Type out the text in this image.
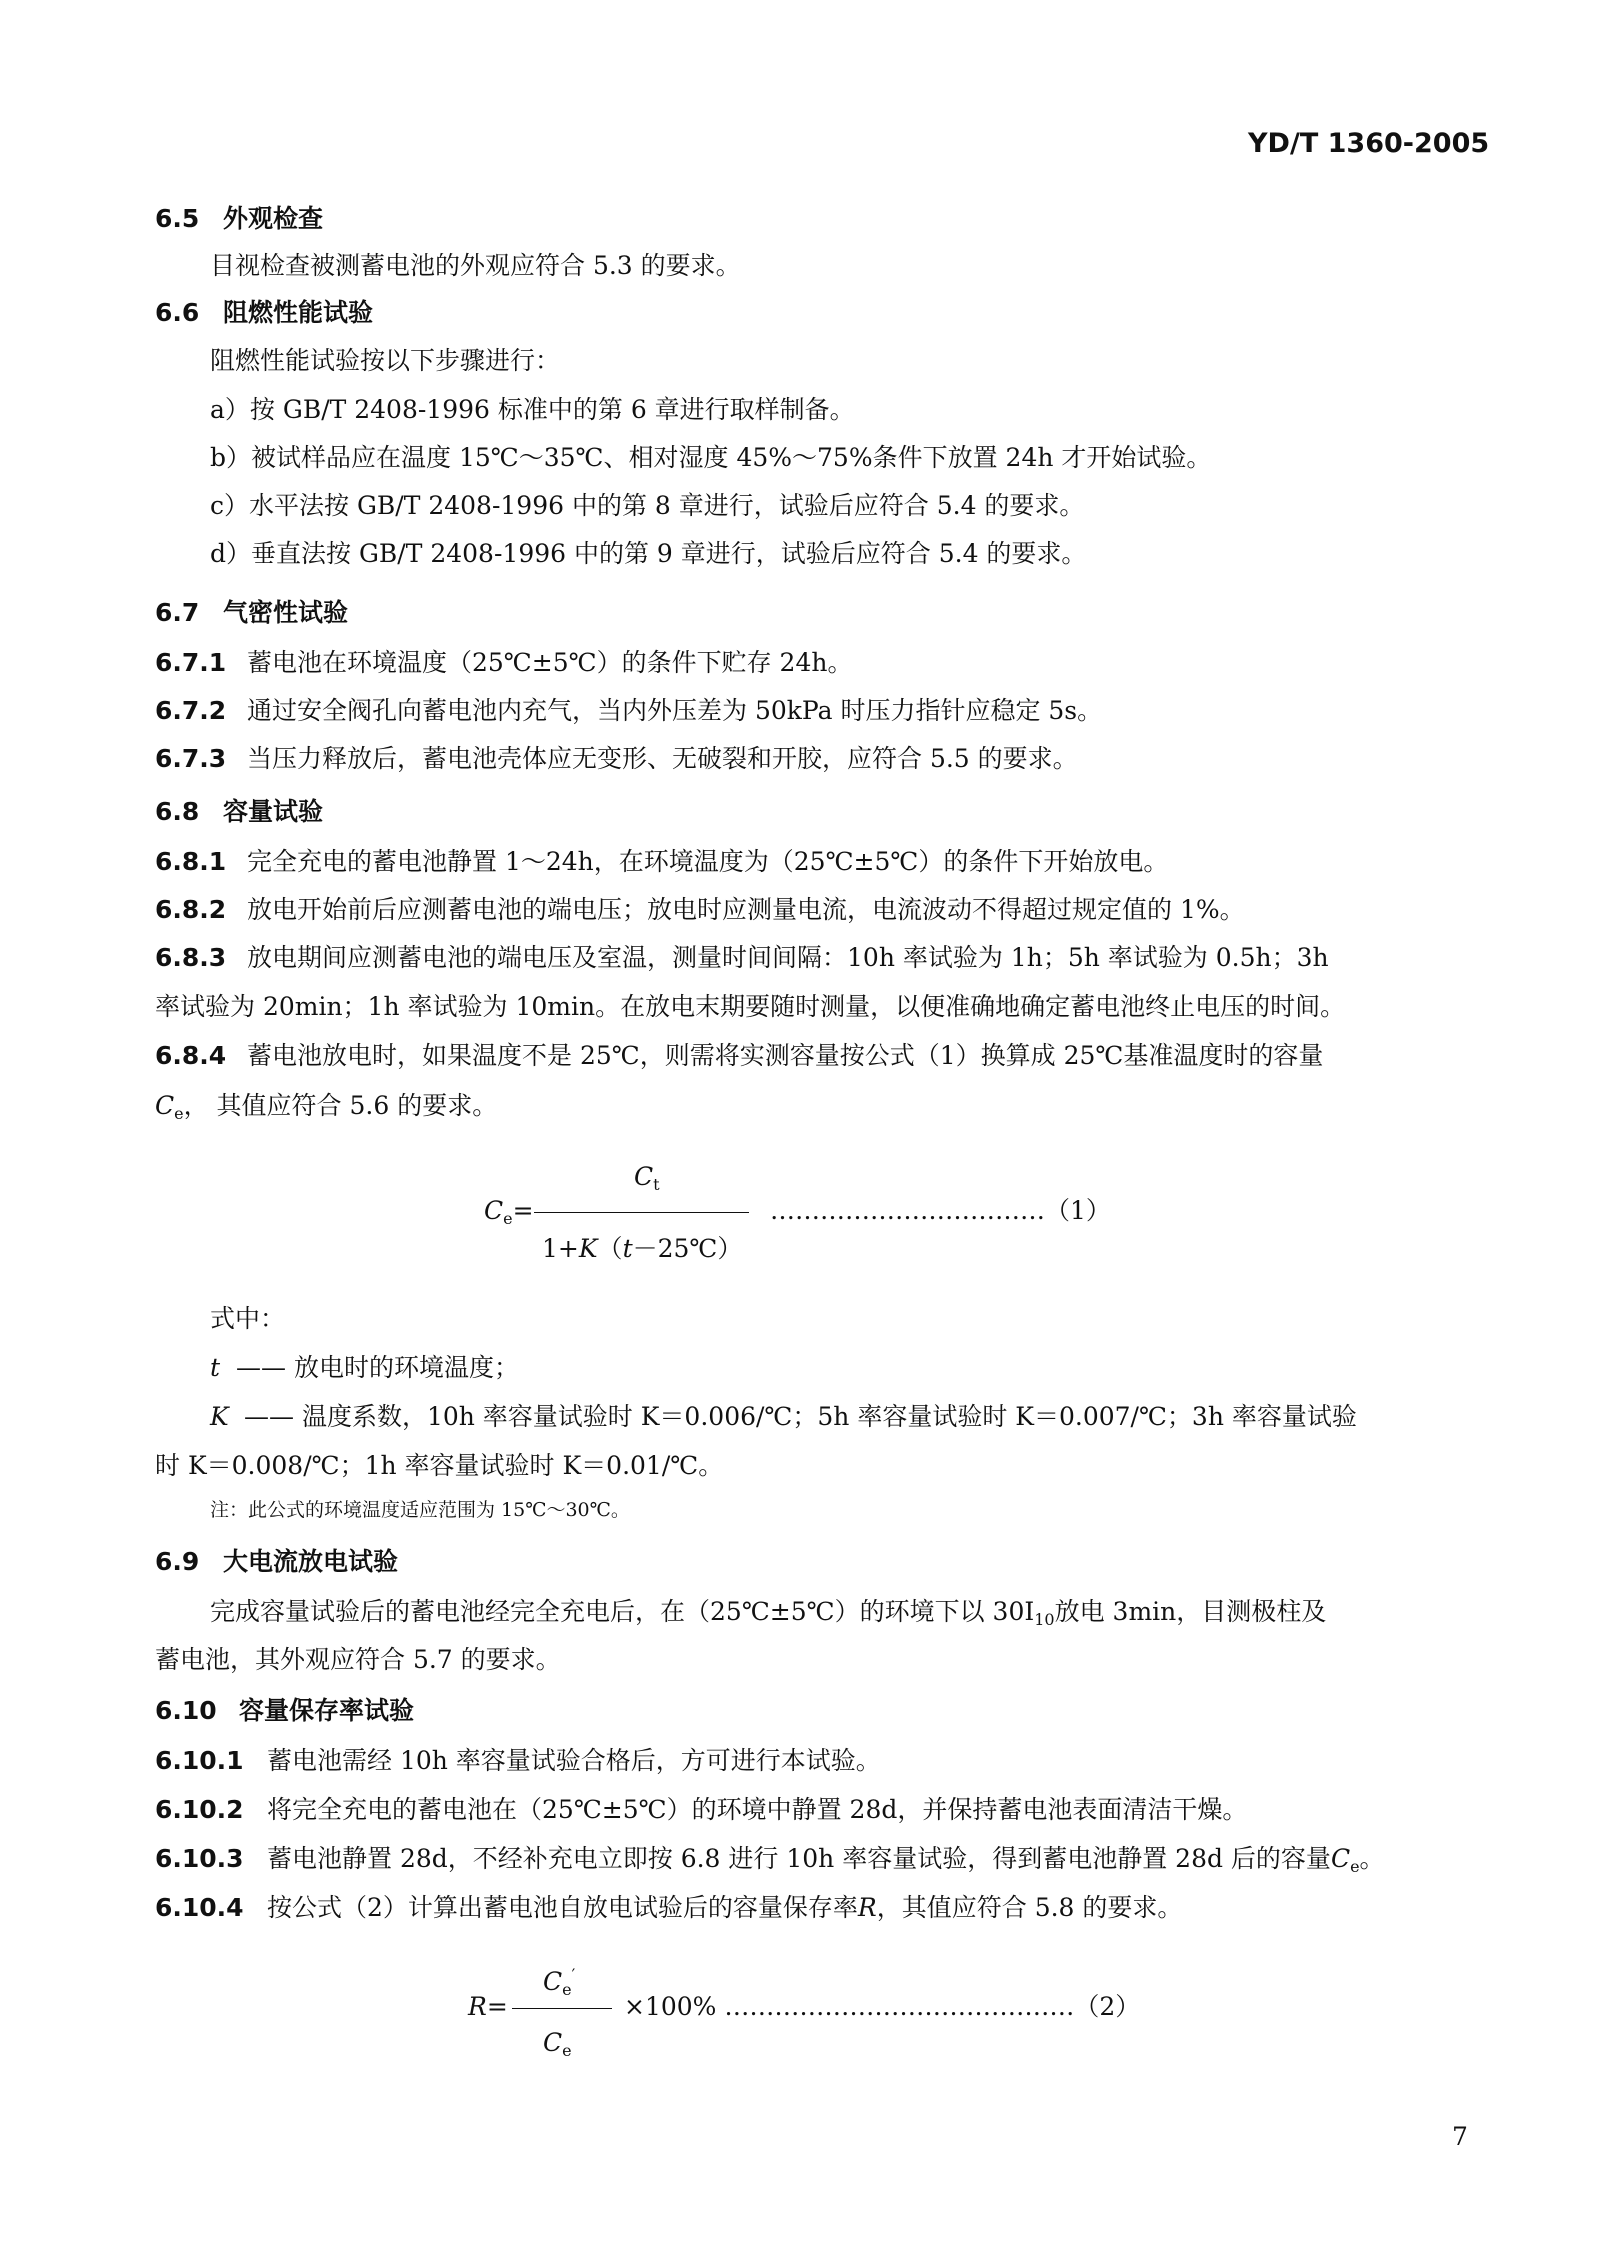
YD/T 1360-2005
6.5 外观检查
目视检查被测蓄电池的外观应符合 5.3 的要求。
6.6 阻燃性能试验
阻燃性能试验按以下步骤进行：
a）按 GB/T 2408-1996 标准中的第 6 章进行取样制备。
b）被试样品应在温度 15℃～35℃、相对湿度 45%～75%条件下放置 24h 才开始试验。
c）水平法按 GB/T 2408-1996 中的第 8 章进行，试验后应符合 5.4 的要求。
d）垂直法按 GB/T 2408-1996 中的第 9 章进行，试验后应符合 5.4 的要求。
6.7 气密性试验
6.7.1 蓄电池在环境温度（25℃±5℃）的条件下贮存 24h。
6.7.2 通过安全阀孔向蓄电池内充气，当内外压差为 50kPa 时压力指针应稳定 5s。
6.7.3 当压力释放后，蓄电池壳体应无变形、无破裂和开胶，应符合 5.5 的要求。
6.8 容量试验
6.8.1 完全充电的蓄电池静置 1～24h，在环境温度为（25℃±5℃）的条件下开始放电。
6.8.2 放电开始前后应测蓄电池的端电压；放电时应测量电流，电流波动不得超过规定值的 1%。
6.8.3 放电期间应测蓄电池的端电压及室温，测量时间间隔：10h 率试验为 1h；5h 率试验为 0.5h；3h
率试验为 20min；1h 率试验为 10min。在放电末期要随时测量，以便准确地确定蓄电池终止电压的时间。
6.8.4 蓄电池放电时，如果温度不是 25℃，则需将实测容量按公式（1）换算成 25℃基准温度时的容量
$C_e$， 其值应符合 5.6 的要求。
$C_t$
$C_e=$
1+K（t－25℃）
……………………………（1）
式中：
t —— 放电时的环境温度；
K —— 温度系数，10h 率容量试验时 K＝0.006/℃；5h 率容量试验时 K＝0.007/℃；3h 率容量试验
时 K＝0.008/℃；1h 率容量试验时 K＝0.01/℃。
注：此公式的环境温度适应范围为 15℃～30℃。
6.9 大电流放电试验
完成容量试验后的蓄电池经完全充电后，在（25℃±5℃）的环境下以 $30I_{10}$放电 3min，目测极柱及
蓄电池，其外观应符合 5.7 的要求。
6.10 容量保存率试验
6.10.1 蓄电池需经 10h 率容量试验合格后，方可进行本试验。
6.10.2 将完全充电的蓄电池在（25℃±5℃）的环境中静置 28d，并保持蓄电池表面清洁干燥。
6.10.3 蓄电池静置 28d，不经补充电立即按 6.8 进行 10h 率容量试验，得到蓄电池静置 28d 后的容量$C_e$。
6.10.4 按公式（2）计算出蓄电池自放电试验后的容量保存率R，其值应符合 5.8 的要求。
$C_e'$
R=
$C_e$
×100% ……………………………………（2）
7
